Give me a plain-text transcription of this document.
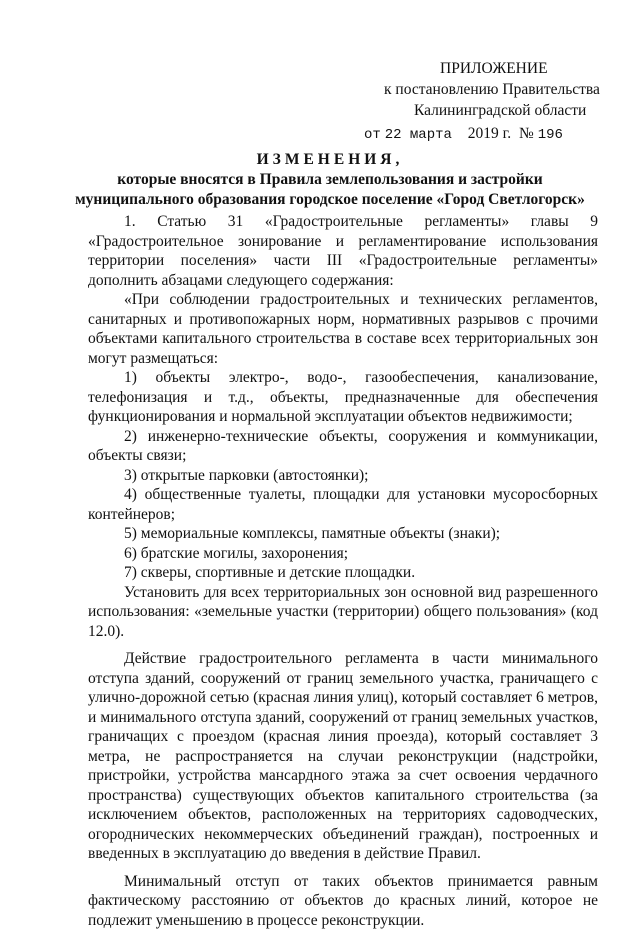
ПРИЛОЖЕНИЕ
к постановлению Правительства
Калининградской области
от 22 марта 2019 г. № 196
ИЗМЕНЕНИЯ,
которые вносятся в Правила землепользования и застройки
муниципального образования городское поселение «Город Светлогорск»

1. Статью 31 «Градостроительные регламенты» главы 9 «Градостроительное зонирование и регламентирование использования территории поселения» части III «Градостроительные регламенты» дополнить абзацами следующего содержания:

«При соблюдении градостроительных и технических регламентов, санитарных и противопожарных норм, нормативных разрывов с прочими объектами капитального строительства в составе всех территориальных зон могут размещаться:

1) объекты электро-, водо-, газообеспечения, канализование, телефонизация и т.д., объекты, предназначенные для обеспечения функционирования и нормальной эксплуатации объектов недвижимости;

2) инженерно-технические объекты, сооружения и коммуникации, объекты связи;

3) открытые парковки (автостоянки);

4) общественные туалеты, площадки для установки мусоросборных контейнеров;

5) мемориальные комплексы, памятные объекты (знаки);

6) братские могилы, захоронения;

7) скверы, спортивные и детские площадки.

Установить для всех территориальных зон основной вид разрешенного использования: «земельные участки (территории) общего пользования» (код 12.0).

Действие градостроительного регламента в части минимального отступа зданий, сооружений от границ земельного участка, граничащего с улично-дорожной сетью (красная линия улиц), который составляет 6 метров, и минимального отступа зданий, сооружений от границ земельных участков, граничащих с проездом (красная линия проезда), который составляет 3 метра, не распространяется на случаи реконструкции (надстройки, пристройки, устройства мансардного этажа за счет освоения чердачного пространства) существующих объектов капитального строительства (за исключением объектов, расположенных на территориях садоводческих, огороднических некоммерческих объединений граждан), построенных и введенных в эксплуатацию до введения в действие Правил.

Минимальный отступ от таких объектов принимается равным фактическому расстоянию от объектов до красных линий, которое не подлежит уменьшению в процессе реконструкции.
